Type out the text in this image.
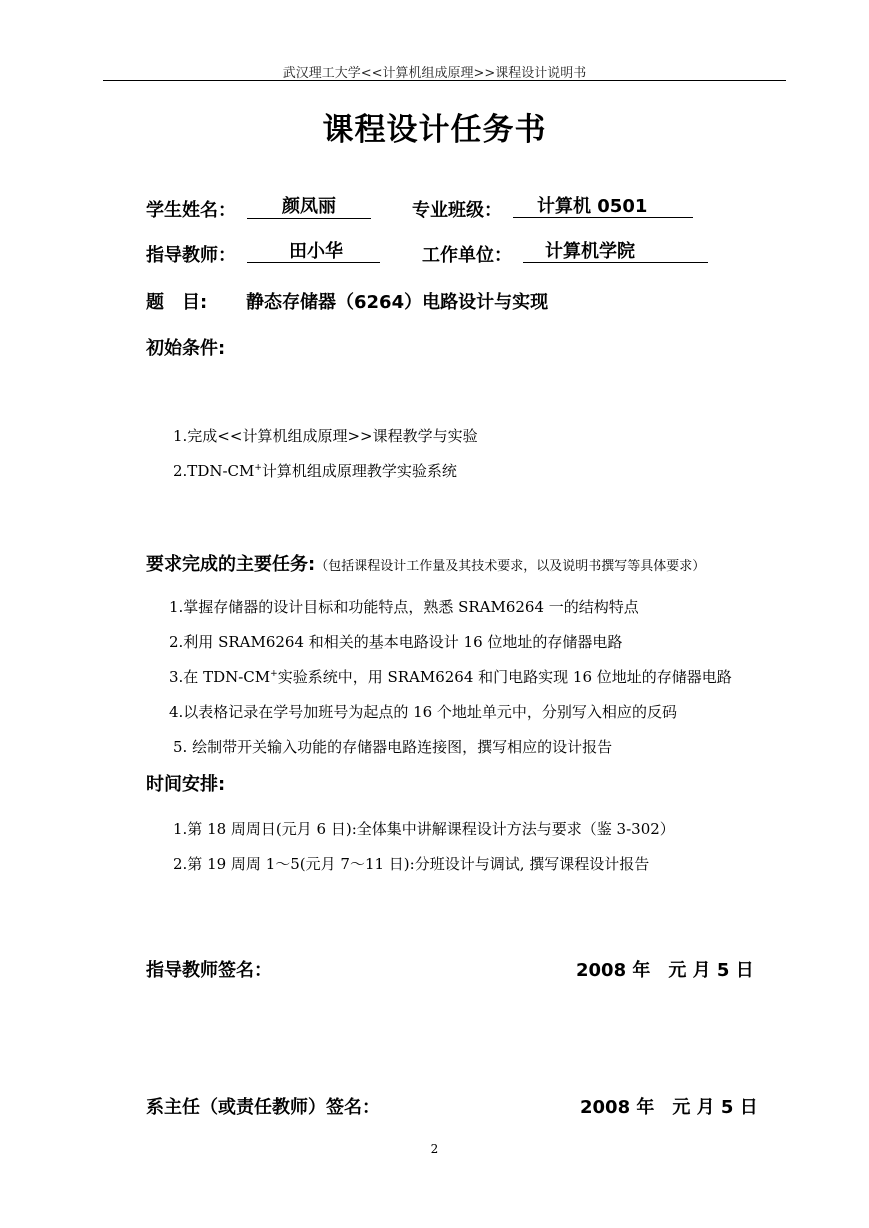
武汉理工大学<<计算机组成原理>>课程设计说明书
课程设计任务书
学生姓名：	颜凤丽	专业班级：	计算机 0501
指导教师：	田小华	工作单位：	计算机学院
题　目: 静态存储器（6264）电路设计与实现
初始条件:
1.完成<<计算机组成原理>>课程教学与实验
2.TDN-CM+计算机组成原理教学实验系统
要求完成的主要任务:（包括课程设计工作量及其技术要求，以及说明书撰写等具体要求）
1.掌握存储器的设计目标和功能特点，熟悉 SRAM6264 一的结构特点
2.利用 SRAM6264 和相关的基本电路设计 16 位地址的存储器电路
3.在 TDN-CM+实验系统中，用 SRAM6264 和门电路实现 16 位地址的存储器电路
4.以表格记录在学号加班号为起点的 16 个地址单元中，分别写入相应的反码
5. 绘制带开关输入功能的存储器电路连接图，撰写相应的设计报告
时间安排:
1.第 18 周周日(元月 6 日):全体集中讲解课程设计方法与要求（鉴 3-302）
2.第 19 周周 1～5(元月 7～11 日):分班设计与调试, 撰写课程设计报告
指导教师签名：	2008 年　元 月 5 日
系主任（或责任教师）签名：	2008 年　元 月 5 日
2
